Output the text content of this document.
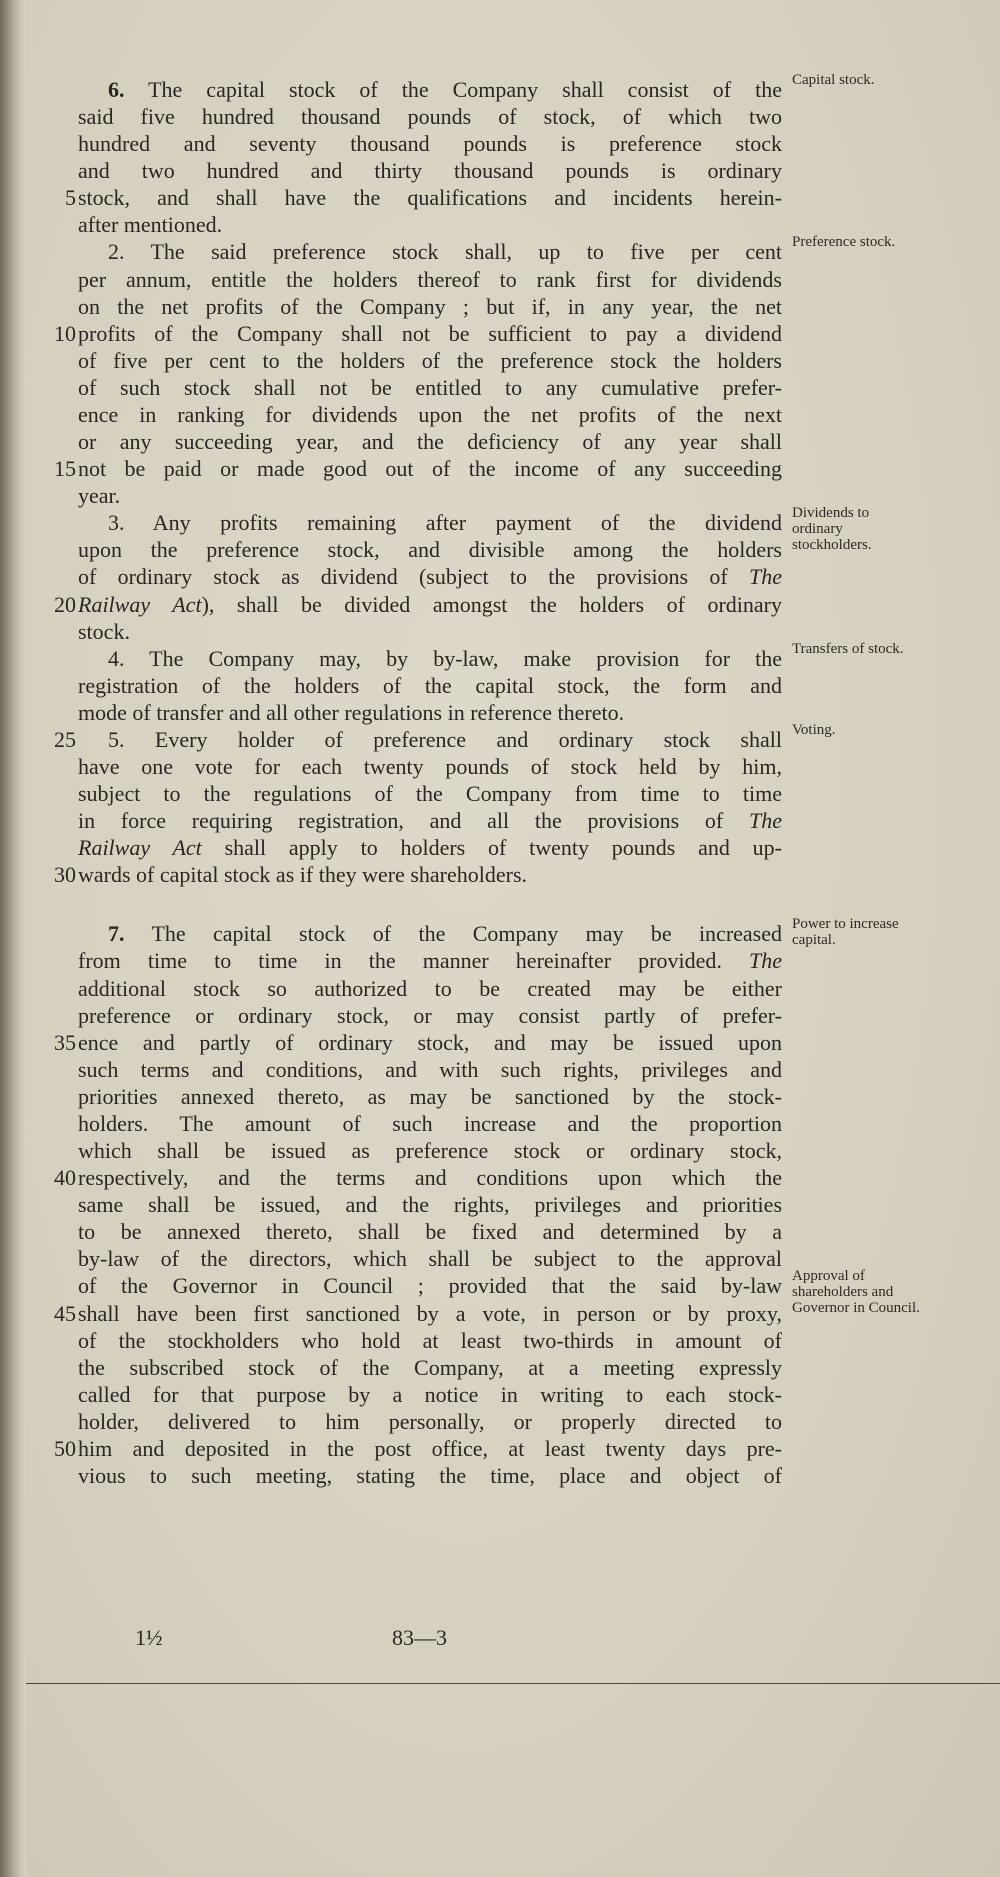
6. The capital stock of the Company shall consist of the
said five hundred thousand pounds of stock, of which two
hundred and seventy thousand pounds is preference stock
and two hundred and thirty thousand pounds is ordinary
stock, and shall have the qualifications and incidents herein-
after mentioned.
2. The said preference stock shall, up to five per cent
per annum, entitle the holders thereof to rank first for dividends
on the net profits of the Company ; but if, in any year, the net
profits of the Company shall not be sufficient to pay a dividend
of five per cent to the holders of the preference stock the holders
of such stock shall not be entitled to any cumulative prefer-
ence in ranking for dividends upon the net profits of the next
or any succeeding year, and the deficiency of any year shall
not be paid or made good out of the income of any succeeding
year.
3. Any profits remaining after payment of the dividend
upon the preference stock, and divisible among the holders
of ordinary stock as dividend (subject to the provisions of The
Railway Act), shall be divided amongst the holders of ordinary
stock.
4. The Company may, by by-law, make provision for the
registration of the holders of the capital stock, the form and
mode of transfer and all other regulations in reference thereto.
5. Every holder of preference and ordinary stock shall
have one vote for each twenty pounds of stock held by him,
subject to the regulations of the Company from time to time
in force requiring registration, and all the provisions of The
Railway Act shall apply to holders of twenty pounds and up-
wards of capital stock as if they were shareholders.
7. The capital stock of the Company may be increased
from time to time in the manner hereinafter provided. The
additional stock so authorized to be created may be either
preference or ordinary stock, or may consist partly of prefer-
ence and partly of ordinary stock, and may be issued upon
such terms and conditions, and with such rights, privileges and
priorities annexed thereto, as may be sanctioned by the stock-
holders. The amount of such increase and the proportion
which shall be issued as preference stock or ordinary stock,
respectively, and the terms and conditions upon which the
same shall be issued, and the rights, privileges and priorities
to be annexed thereto, shall be fixed and determined by a
by-law of the directors, which shall be subject to the approval
of the Governor in Council ; provided that the said by-law
shall have been first sanctioned by a vote, in person or by proxy,
of the stockholders who hold at least two-thirds in amount of
the subscribed stock of the Company, at a meeting expressly
called for that purpose by a notice in writing to each stock-
holder, delivered to him personally, or properly directed to
him and deposited in the post office, at least twenty days pre-
vious to such meeting, stating the time, place and object of
5
10
15
20
25
30
35
40
45
50
Capital stock.
Preference stock.
Dividends to ordinary stockholders.
Transfers of stock.
Voting.
Power to increase capital.
Approval of shareholders and Governor in Council.
1½	83—3
